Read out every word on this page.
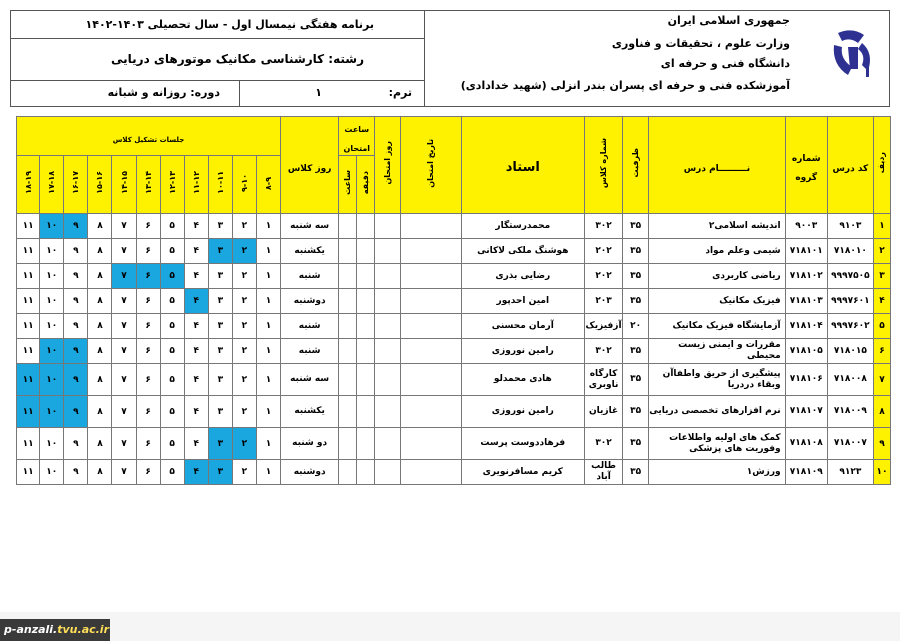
برنامه هفتگی نیمسال اول - سال تحصیلی ۱۴۰۳-۱۴۰۲
رشته: کارشناسی مکانیک موتورهای دریایی
ترم:
۱
دوره: روزانه و شبانه
جمهوری اسلامی ایران
وزارت علوم ، تحقیقات و فناوری
دانشگاه فنی و حرفه ای
آموزشکده فنی و حرفه ای پسران بندر انزلی (شهید خدادادی)
ردیف	کد درس	شماره گروه	نـــــــــام درس	ظرفیت	شماره کلاس	استاد	تاریخ امتحان	روز امتحان	ساعت امتحان		روز کلاس	جلسات تشکیل کلاس										
									دقیقه	ساعت		۸-۹	۹-۱۰	۱۰-۱۱	۱۱-۱۲	۱۲-۱۳	۱۳-۱۴	۱۴-۱۵	۱۵-۱۶	۱۶-۱۷	۱۷-۱۸	۱۸-۱۹
۱	۹۱۰۳	۹۰۰۳	اندیشه اسلامی۲	۳۵	۳۰۲	محمدرستگار					سه شنبه	۱	۲	۳	۴	۵	۶	۷	۸	۹	۱۰	۱۱
۲	۷۱۸۰۱۰	۷۱۸۱۰۱	شیمی وعلم مواد	۳۵	۲۰۲	هوشنگ ملکی لاکانی					یکشنبه	۱	۲	۳	۴	۵	۶	۷	۸	۹	۱۰	۱۱
۳	۹۹۹۷۵۰۵	۷۱۸۱۰۲	ریاضی کاربردی	۳۵	۲۰۲	رضایی بذری					شنبه	۱	۲	۳	۴	۵	۶	۷	۸	۹	۱۰	۱۱
۴	۹۹۹۷۶۰۱	۷۱۸۱۰۳	فیزیک مکانیک	۳۵	۲۰۳	امین احدپور					دوشنبه	۱	۲	۳	۴	۵	۶	۷	۸	۹	۱۰	۱۱
۵	۹۹۹۷۶۰۲	۷۱۸۱۰۴	آزمایشگاه فیزیک مکانیک	۲۰	آزفیزیک	آرمان محسنی					شنبه	۱	۲	۳	۴	۵	۶	۷	۸	۹	۱۰	۱۱
۶	۷۱۸۰۱۵	۷۱۸۱۰۵	مقررات و ایمنی زیست محیطی	۳۵	۳۰۲	رامین نوروزی					شنبه	۱	۲	۳	۴	۵	۶	۷	۸	۹	۱۰	۱۱
۷	۷۱۸۰۰۸	۷۱۸۱۰۶	پیشگیری از حریق واطفاآن وبقاء دردریا	۳۵	کارگاه ناوبری	هادی محمدلو					سه شنبه	۱	۲	۳	۴	۵	۶	۷	۸	۹	۱۰	۱۱
۸	۷۱۸۰۰۹	۷۱۸۱۰۷	نرم افزارهای تخصصی دریایی	۳۵	غازیان	رامین نوروزی					یکشنبه	۱	۲	۳	۴	۵	۶	۷	۸	۹	۱۰	۱۱
۹	۷۱۸۰۰۷	۷۱۸۱۰۸	کمک های اولیه واطلاعات وفوریت های پزشکی	۳۵	۳۰۲	فرهاددوست پرست					دو شنبه	۱	۲	۳	۴	۵	۶	۷	۸	۹	۱۰	۱۱
۱۰	۹۱۲۳	۷۱۸۱۰۹	ورزش۱	۳۵	طالب آباد	کریم مسافرنویری					دوشنبه	۱	۲	۳	۴	۵	۶	۷	۸	۹	۱۰	۱۱
p-anzali.tvu.ac.ir
